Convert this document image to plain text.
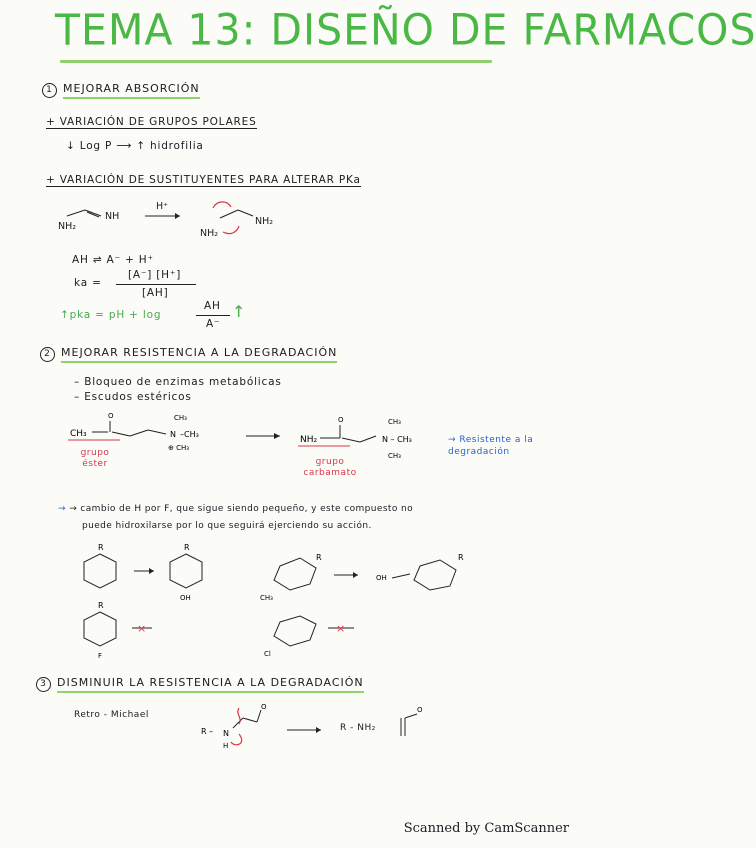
TEMA 13: DISEÑO DE FARMACOS
1 MEJORAR ABSORCIÓN
+ VARIACIÓN DE GRUPOS POLARES
↓ Log P ⟶ ↑ hidrofilia
+ VARIACIÓN DE SUSTITUYENTES PARA ALTERAR PKa
NH₂
NH
H⁺
NH₂
NH₂
AH ⇌ A⁻ + H⁺
ka =
[A⁻] [H⁺]
[AH]
↑pka = pH + log
AH
A⁻
↑
2 MEJORAR RESISTENCIA A LA DEGRADACIÓN
– Bloqueo de enzimas metabólicas
– Escudos estéricos
CH₃
O
N
CH₃
–CH₃
⊕ CH₃
NH₂
O
N – CH₃
CH₃
CH₃
grupo éster	grupo carbamato
→ Resistente a la degradación
→ → cambio de H por F, que sigue siendo pequeño, y este compuesto no
puede hidroxilarse por lo que seguirá ejerciendo su acción.
R	R
OH
R
CH₃
OH
R
R
F
×
Cl
×
3 DISMINUIR LA RESISTENCIA A LA DEGRADACIÓN
Retro - Michael
R – N
H
O	O
R - NH₂
Scanned by CamScanner
